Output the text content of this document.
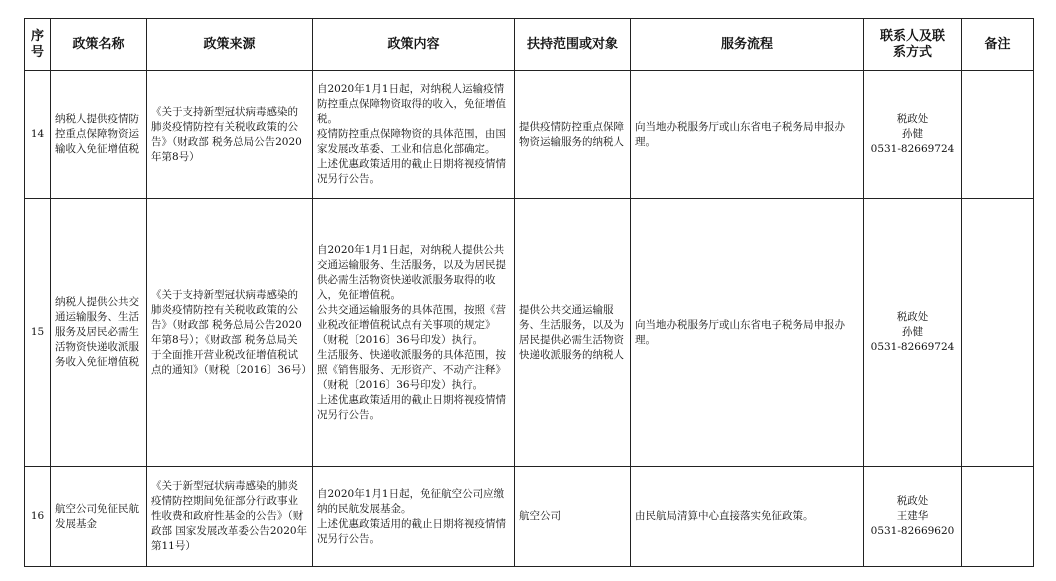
序号	政策名称	政策来源	政策内容	扶持范围或对象	服务流程	联系人及联系方式	备注
14	纳税人提供疫情防控重点保障物资运输收入免征增值税	《关于支持新型冠状病毒感染的肺炎疫情防控有关税收政策的公告》（财政部 税务总局公告2020年第8号）	自2020年1月1日起，对纳税人运输疫情防控重点保障物资取得的收入，免征增值税。
疫情防控重点保障物资的具体范围，由国家发展改革委、工业和信息化部确定。
上述优惠政策适用的截止日期将视疫情情况另行公告。	提供疫情防控重点保障物资运输服务的纳税人	向当地办税服务厅或山东省电子税务局申报办理。	税政处
孙健
0531-82669724	

15	纳税人提供公共交通运输服务、生活服务及居民必需生活物资快递收派服务收入免征增值税	《关于支持新型冠状病毒感染的肺炎疫情防控有关税收政策的公告》（财政部 税务总局公告2020年第8号）；《财政部 税务总局关于全面推开营业税改征增值税试点的通知》（财税〔2016〕36号）	自2020年1月1日起，对纳税人提供公共交通运输服务、生活服务，以及为居民提供必需生活物资快递收派服务取得的收入，免征增值税。
公共交通运输服务的具体范围，按照《营业税改征增值税试点有关事项的规定》（财税〔2016〕36号印发）执行。
生活服务、快递收派服务的具体范围，按照《销售服务、无形资产、不动产注释》（财税〔2016〕36号印发）执行。
上述优惠政策适用的截止日期将视疫情情况另行公告。	提供公共交通运输服务、生活服务，以及为居民提供必需生活物资快递收派服务的纳税人	向当地办税服务厅或山东省电子税务局申报办理。	税政处
孙健
0531-82669724	

16	航空公司免征民航发展基金	《关于新型冠状病毒感染的肺炎疫情防控期间免征部分行政事业性收费和政府性基金的公告》（财政部 国家发展改革委公告2020年第11号）	自2020年1月1日起，免征航空公司应缴纳的民航发展基金。
上述优惠政策适用的截止日期将视疫情情况另行公告。	航空公司	由民航局清算中心直接落实免征政策。	税政处
王建华
0531-82669620	
